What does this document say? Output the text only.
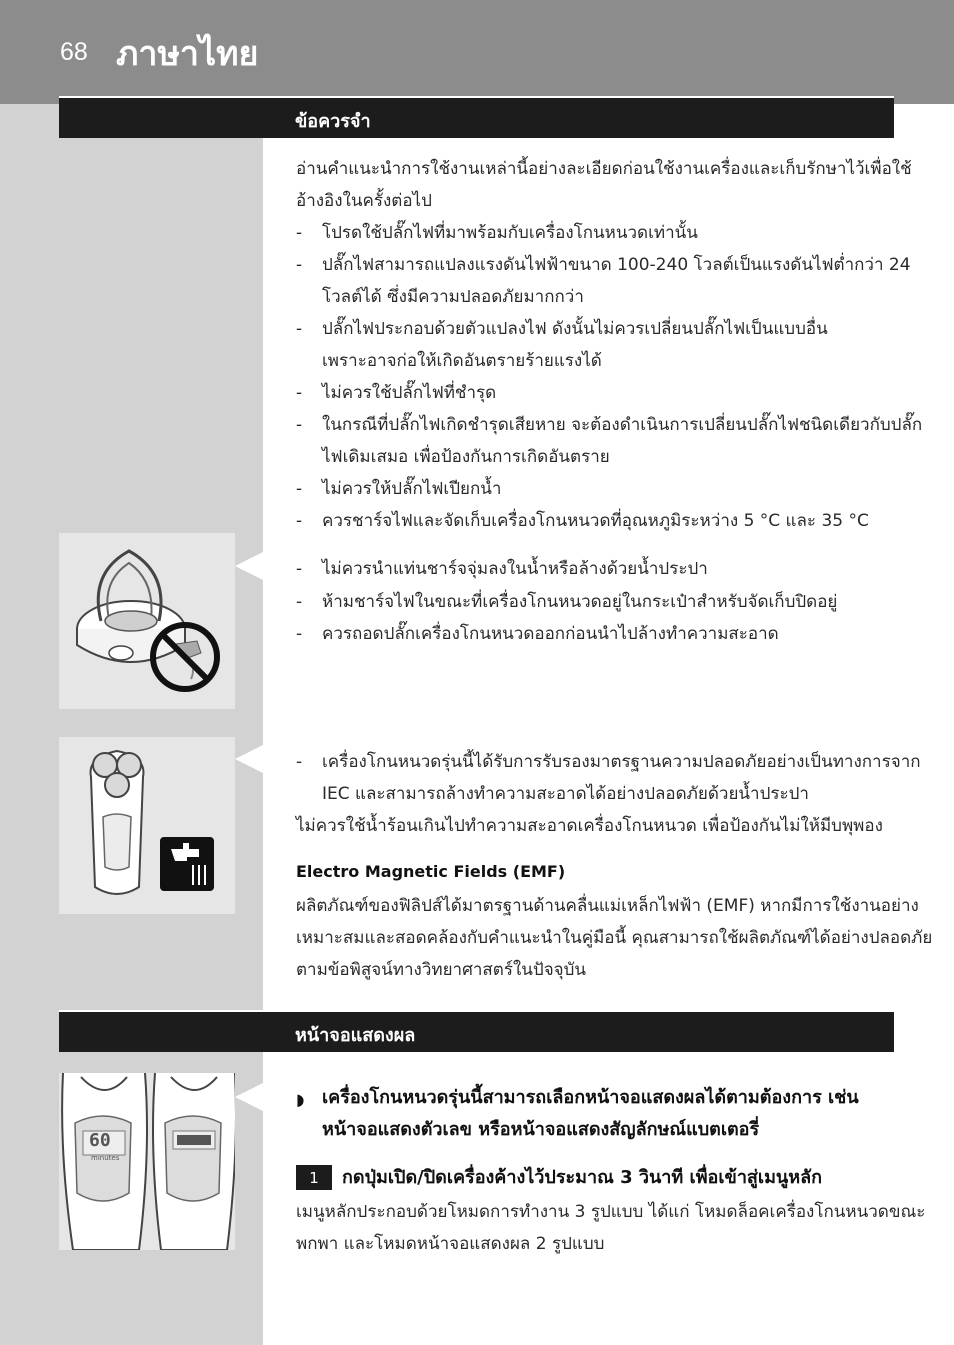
68 ภาษาไทย
ข้อควรจำ
อ่านคำแนะนำการใช้งานเหล่านี้อย่างละเอียดก่อนใช้งานเครื่องและเก็บรักษาไว้เพื่อใช้
อ้างอิงในครั้งต่อไป
- โปรดใช้ปลั๊กไฟที่มาพร้อมกับเครื่องโกนหนวดเท่านั้น
- ปลั๊กไฟสามารถแปลงแรงดันไฟฟ้าขนาด 100-240 โวลต์เป็นแรงดันไฟต่ำกว่า 24
โวลต์ได้ ซึ่งมีความปลอดภัยมากกว่า
- ปลั๊กไฟประกอบด้วยตัวแปลงไฟ ดังนั้นไม่ควรเปลี่ยนปลั๊กไฟเป็นแบบอื่น
เพราะอาจก่อให้เกิดอันตรายร้ายแรงได้
- ไม่ควรใช้ปลั๊กไฟที่ชำรุด
- ในกรณีที่ปลั๊กไฟเกิดชำรุดเสียหาย จะต้องดำเนินการเปลี่ยนปลั๊กไฟชนิดเดียวกับปลั๊ก
ไฟเดิมเสมอ เพื่อป้องกันการเกิดอันตราย
- ไม่ควรให้ปลั๊กไฟเปียกน้ำ
- ควรชาร์จไฟและจัดเก็บเครื่องโกนหนวดที่อุณหภูมิระหว่าง 5 °C และ 35 °C
- ไม่ควรนำแท่นชาร์จจุ่มลงในน้ำหรือล้างด้วยน้ำประปา
- ห้ามชาร์จไฟในขณะที่เครื่องโกนหนวดอยู่ในกระเป๋าสำหรับจัดเก็บปิดอยู่
- ควรถอดปลั๊กเครื่องโกนหนวดออกก่อนนำไปล้างทำความสะอาด
- เครื่องโกนหนวดรุ่นนี้ได้รับการรับรองมาตรฐานความปลอดภัยอย่างเป็นทางการจาก
IEC และสามารถล้างทำความสะอาดได้อย่างปลอดภัยด้วยน้ำประปา
ไม่ควรใช้น้ำร้อนเกินไปทำความสะอาดเครื่องโกนหนวด เพื่อป้องกันไม่ให้มีบพุพอง
Electro Magnetic Fields (EMF)
ผลิตภัณฑ์ของฟิลิปส์ได้มาตรฐานด้านคลื่นแม่เหล็กไฟฟ้า (EMF) หากมีการใช้งานอย่าง
เหมาะสมและสอดคล้องกับคำแนะนำในคู่มือนี้ คุณสามารถใช้ผลิตภัณฑ์ได้อย่างปลอดภัย
ตามข้อพิสูจน์ทางวิทยาศาสตร์ในปัจจุบัน
หน้าจอแสดงผล
60
minutes
◗ เครื่องโกนหนวดรุ่นนี้สามารถเลือกหน้าจอแสดงผลได้ตามต้องการ เช่น
หน้าจอแสดงตัวเลข หรือหน้าจอแสดงสัญลักษณ์แบตเตอรี่
1	กดปุ่มเปิด/ปิดเครื่องค้างไว้ประมาณ 3 วินาที เพื่อเข้าสู่เมนูหลัก
เมนูหลักประกอบด้วยโหมดการทำงาน 3 รูปแบบ ได้แก่ โหมดล็อคเครื่องโกนหนวดขณะ
พกพา และโหมดหน้าจอแสดงผล 2 รูปแบบ
